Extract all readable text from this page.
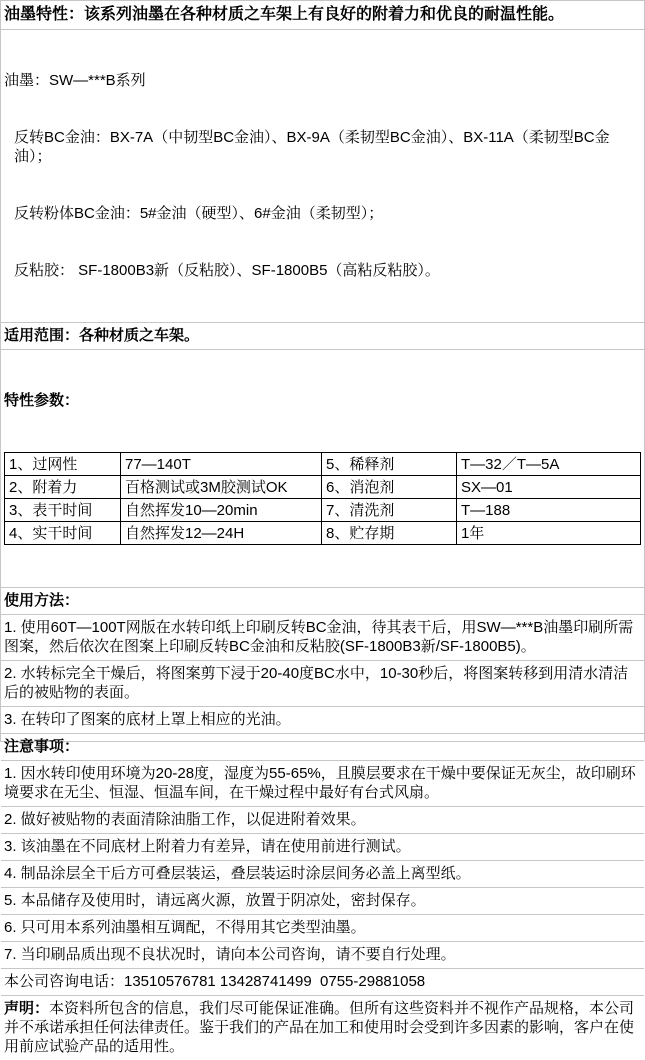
油墨特性：该系列油墨在各种材质之车架上有良好的附着力和优良的耐温性能。

油墨：SW—***B系列

反转BC金油：BX-7A（中韧型BC金油）、BX-9A（柔韧型BC金油）、BX-11A（柔韧型BC金油）；

反转粉体BC金油：5#金油（硬型）、6#金油（柔韧型）；

反粘胶： SF-1800B3新（反粘胶）、SF-1800B5（高粘反粘胶）。

适用范围：各种材质之车架。

特性参数：

1、过网性	77—140T	5、稀释剂	T—32／T—5A
2、附着力	百格测试或3M胶测试OK	6、消泡剂	SX—01
3、表干时间	自然挥发10—20min	7、清洗剂	T—188
4、实干时间	自然挥发12—24H	8、贮存期	1年

使用方法：
1. 使用60T—100T网版在水转印纸上印刷反转BC金油，待其表干后，用SW—***B油墨印刷所需图案，然后依次在图案上印刷反转BC金油和反粘胶(SF-1800B3新/SF-1800B5)。
2. 水转标完全干燥后，将图案剪下浸于20-40度BC水中，10-30秒后，将图案转移到用清水清洁后的被贴物的表面。
3. 在转印了图案的底材上罩上相应的光油。
注意事项：
1. 因水转印使用环境为20-28度，湿度为55-65%，且膜层要求在干燥中要保证无灰尘，故印刷环境要求在无尘、恒湿、恒温车间，在干燥过程中最好有台式风扇。
2. 做好被贴物的表面清除油脂工作，以促进附着效果。
3. 该油墨在不同底材上附着力有差异，请在使用前进行测试。
4. 制品涂层全干后方可叠层装运，叠层装运时涂层间务必盖上离型纸。
5. 本品储存及使用时，请远离火源，放置于阴凉处，密封保存。
6. 只可用本系列油墨相互调配，不得用其它类型油墨。
7. 当印刷品质出现不良状况时，请向本公司咨询，请不要自行处理。
本公司咨询电话：13510576781 13428741499  0755-29881058
声明：本资料所包含的信息，我们尽可能保证准确。但所有这些资料并不视作产品规格，本公司并不承诺承担任何法律责任。鉴于我们的产品在加工和使用时会受到许多因素的影响，客户在使用前应试验产品的适用性。
